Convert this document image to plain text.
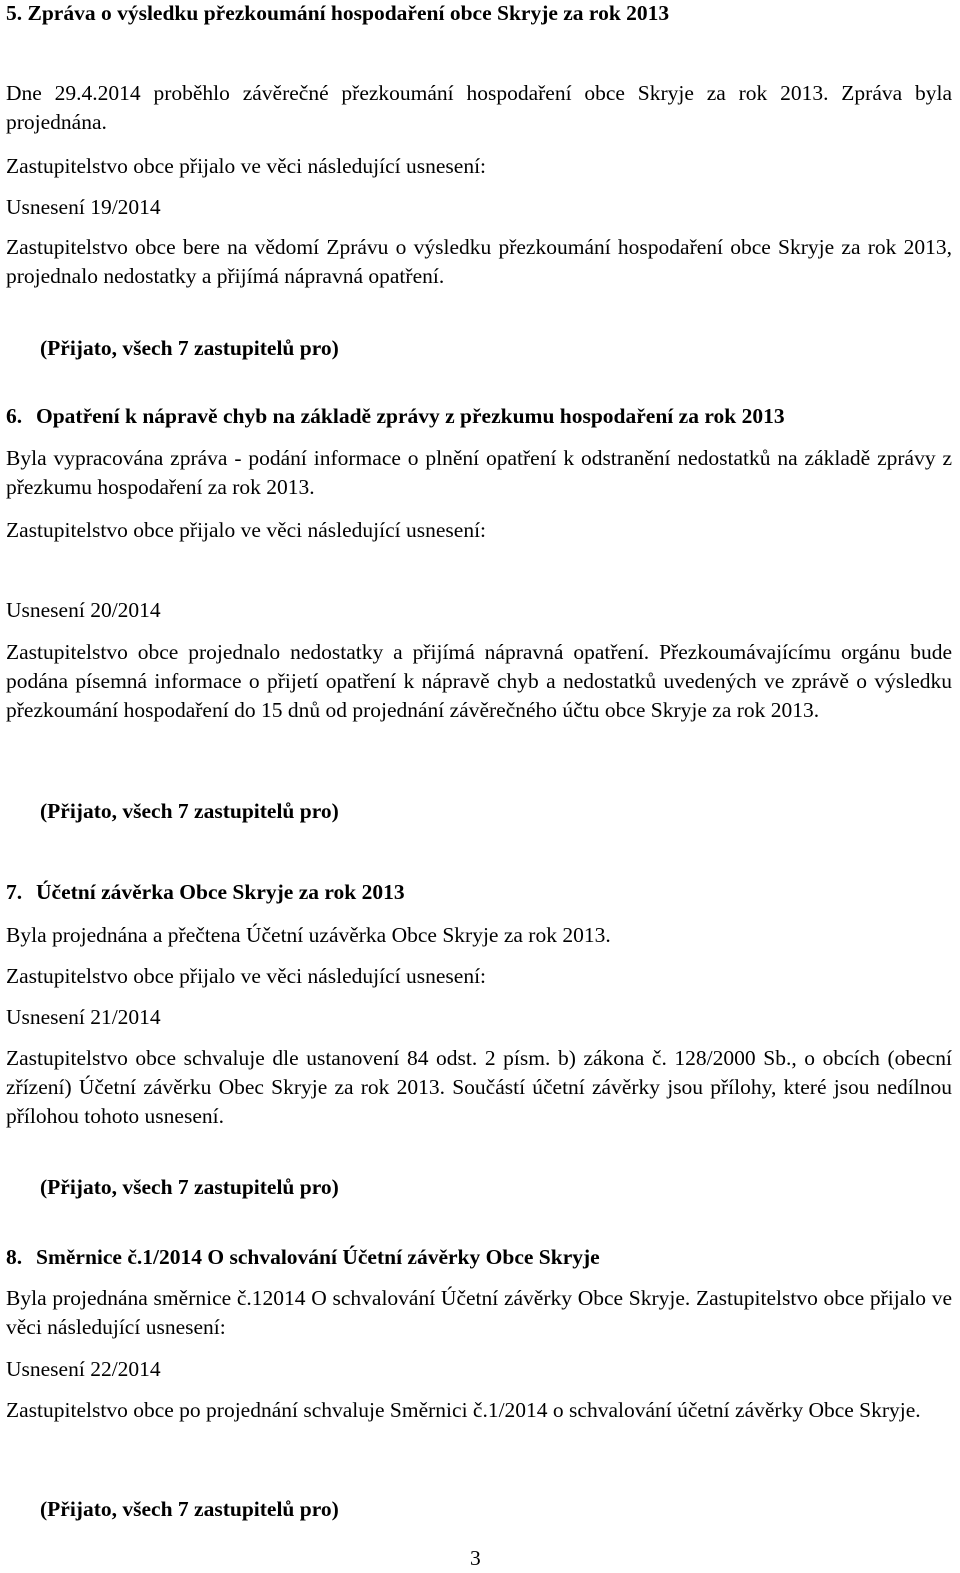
5. Zpráva o výsledku přezkoumání hospodaření obce Skryje za rok 2013
Dne 29.4.2014 proběhlo závěrečné přezkoumání hospodaření obce Skryje za rok 2013. Zpráva byla projednána.
Zastupitelstvo obce přijalo ve věci následující usnesení:
Usnesení 19/2014
Zastupitelstvo obce bere na vědomí Zprávu o výsledku přezkoumání hospodaření obce Skryje za rok 2013, projednalo nedostatky a přijímá nápravná opatření.
(Přijato, všech 7 zastupitelů pro)
6. Opatření k nápravě chyb na základě zprávy z přezkumu hospodaření za rok 2013
Byla vypracována zpráva - podání informace o plnění opatření k odstranění nedostatků na základě zprávy z přezkumu hospodaření za rok 2013.
Zastupitelstvo obce přijalo ve věci následující usnesení:
Usnesení 20/2014
Zastupitelstvo obce projednalo nedostatky a přijímá nápravná opatření. Přezkoumávajícímu orgánu bude podána písemná informace o přijetí opatření k nápravě chyb a nedostatků uvedených ve zprávě o výsledku přezkoumání hospodaření do 15 dnů od projednání závěrečného účtu obce Skryje za rok 2013.
(Přijato, všech 7 zastupitelů pro)
7. Účetní závěrka Obce Skryje za rok 2013
Byla projednána a přečtena Účetní uzávěrka Obce Skryje za rok 2013.
Zastupitelstvo obce přijalo ve věci následující usnesení:
Usnesení 21/2014
Zastupitelstvo obce schvaluje dle ustanovení 84 odst. 2 písm. b) zákona č. 128/2000 Sb., o obcích (obecní zřízení) Účetní závěrku Obec Skryje za rok 2013. Součástí účetní závěrky jsou přílohy, které jsou nedílnou přílohou tohoto usnesení.
(Přijato, všech 7 zastupitelů pro)
8. Směrnice č.1/2014 O schvalování Účetní závěrky Obce Skryje
Byla projednána směrnice č.12014 O schvalování Účetní závěrky Obce Skryje. Zastupitelstvo obce přijalo ve věci následující usnesení:
Usnesení 22/2014
Zastupitelstvo obce po projednání schvaluje Směrnici č.1/2014 o schvalování účetní závěrky Obce Skryje.
(Přijato, všech 7 zastupitelů pro)
3
